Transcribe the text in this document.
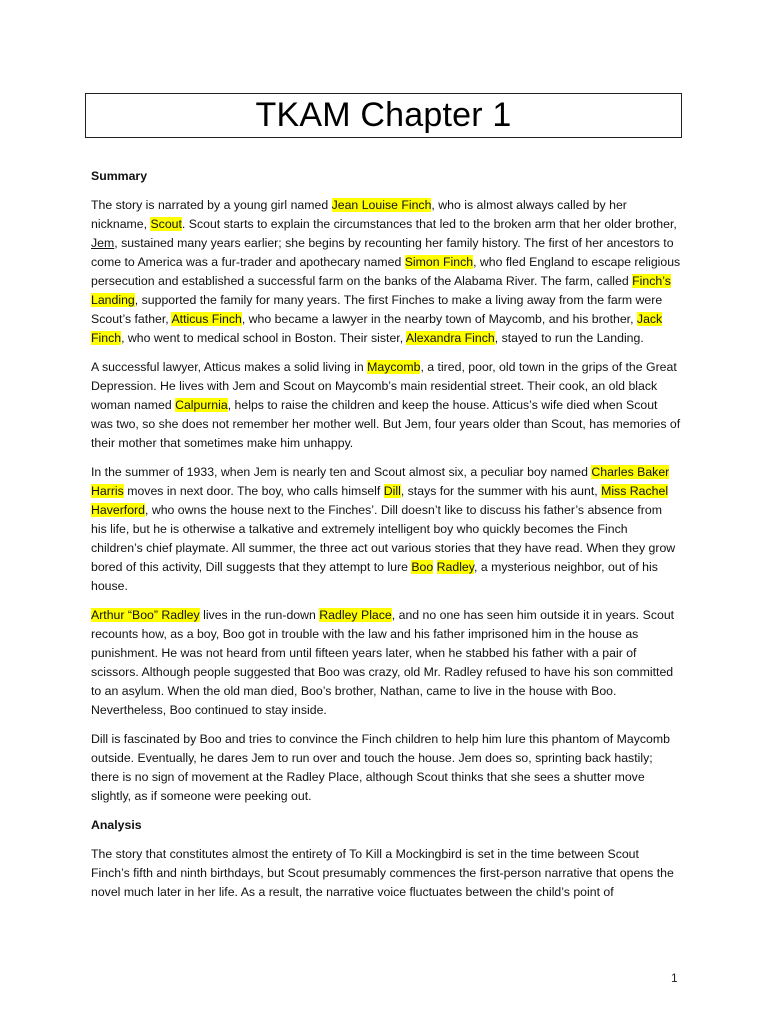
TKAM Chapter 1

Summary

The story is narrated by a young girl named Jean Louise Finch, who is almost always called by her nickname, Scout. Scout starts to explain the circumstances that led to the broken arm that her older brother, Jem, sustained many years earlier; she begins by recounting her family history. The first of her ancestors to come to America was a fur-trader and apothecary named Simon Finch, who fled England to escape religious persecution and established a successful farm on the banks of the Alabama River. The farm, called Finch’s Landing, supported the family for many years. The first Finches to make a living away from the farm were Scout’s father, Atticus Finch, who became a lawyer in the nearby town of Maycomb, and his brother, Jack Finch, who went to medical school in Boston. Their sister, Alexandra Finch, stayed to run the Landing.

A successful lawyer, Atticus makes a solid living in Maycomb, a tired, poor, old town in the grips of the Great Depression. He lives with Jem and Scout on Maycomb’s main residential street. Their cook, an old black woman named Calpurnia, helps to raise the children and keep the house. Atticus’s wife died when Scout was two, so she does not remember her mother well. But Jem, four years older than Scout, has memories of their mother that sometimes make him unhappy.

In the summer of 1933, when Jem is nearly ten and Scout almost six, a peculiar boy named Charles Baker Harris moves in next door. The boy, who calls himself Dill, stays for the summer with his aunt, Miss Rachel Haverford, who owns the house next to the Finches’. Dill doesn’t like to discuss his father’s absence from his life, but he is otherwise a talkative and extremely intelligent boy who quickly becomes the Finch children’s chief playmate. All summer, the three act out various stories that they have read. When they grow bored of this activity, Dill suggests that they attempt to lure Boo Radley, a mysterious neighbor, out of his house.

Arthur “Boo” Radley lives in the run-down Radley Place, and no one has seen him outside it in years. Scout recounts how, as a boy, Boo got in trouble with the law and his father imprisoned him in the house as punishment. He was not heard from until fifteen years later, when he stabbed his father with a pair of scissors. Although people suggested that Boo was crazy, old Mr. Radley refused to have his son committed to an asylum. When the old man died, Boo’s brother, Nathan, came to live in the house with Boo. Nevertheless, Boo continued to stay inside.

Dill is fascinated by Boo and tries to convince the Finch children to help him lure this phantom of Maycomb outside. Eventually, he dares Jem to run over and touch the house. Jem does so, sprinting back hastily; there is no sign of movement at the Radley Place, although Scout thinks that she sees a shutter move slightly, as if someone were peeking out.

Analysis

The story that constitutes almost the entirety of To Kill a Mockingbird is set in the time between Scout Finch’s fifth and ninth birthdays, but Scout presumably commences the first-person narrative that opens the novel much later in her life. As a result, the narrative voice fluctuates between the child’s point of

1
